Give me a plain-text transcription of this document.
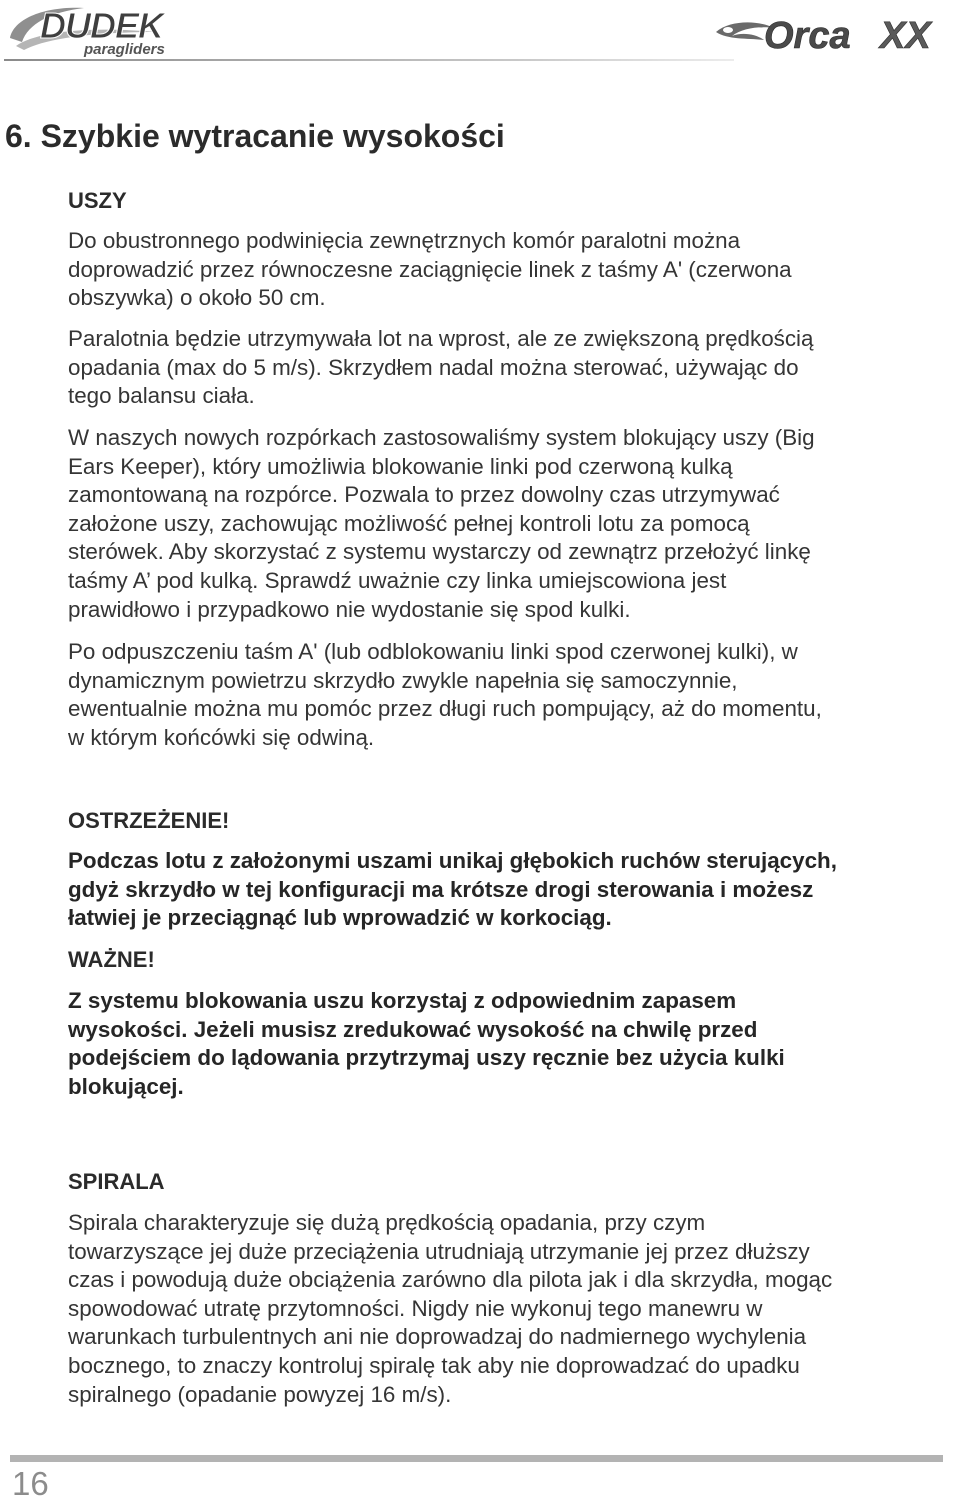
DUDEK
paragliders	Orca XX
6. Szybkie wytracanie wysokości
USZY

Do obustronnego podwinięcia zewnętrznych komór paralotni można
doprowadzić przez równoczesne zaciągnięcie linek z taśmy A' (czerwona
obszywka) o około 50 cm.

Paralotnia będzie utrzymywała lot na wprost, ale ze zwiększoną prędkością
opadania (max do 5 m/s). Skrzydłem nadal można sterować, używając do
tego balansu ciała.

W naszych nowych rozpórkach zastosowaliśmy system blokujący uszy (Big
Ears Keeper), który umożliwia blokowanie linki pod czerwoną kulką
zamontowaną na rozpórce. Pozwala to przez dowolny czas utrzymywać
założone uszy, zachowując możliwość pełnej kontroli lotu za pomocą
sterówek. Aby skorzystać z systemu wystarczy od zewnątrz przełożyć linkę
taśmy A’ pod kulką. Sprawdź uważnie czy linka umiejscowiona jest
prawidłowo i przypadkowo nie wydostanie się spod kulki.

Po odpuszczeniu taśm A' (lub odblokowaniu linki spod czerwonej kulki), w
dynamicznym powietrzu skrzydło zwykle napełnia się samoczynnie,
ewentualnie można mu pomóc przez długi ruch pompujący, aż do momentu,
w którym końcówki się odwiną.

OSTRZEŻENIE!

Podczas lotu z założonymi uszami unikaj głębokich ruchów sterujących,
gdyż skrzydło w tej konfiguracji ma krótsze drogi sterowania i możesz
łatwiej je przeciągnąć lub wprowadzić w korkociąg.

WAŻNE!

Z systemu blokowania uszu korzystaj z odpowiednim zapasem
wysokości. Jeżeli musisz zredukować wysokość na chwilę przed
podejściem do lądowania przytrzymaj uszy ręcznie bez użycia kulki
blokującej.

SPIRALA

Spirala charakteryzuje się dużą prędkością opadania, przy czym
towarzyszące jej duże przeciążenia utrudniają utrzymanie jej przez dłuższy
czas i powodują duże obciążenia zarówno dla pilota jak i dla skrzydła, mogąc
spowodować utratę przytomności. Nigdy nie wykonuj tego manewru w
warunkach turbulentnych ani nie doprowadzaj do nadmiernego wychylenia
bocznego, to znaczy kontroluj spiralę tak aby nie doprowadzać do upadku
spiralnego (opadanie powyzej 16 m/s).

16
